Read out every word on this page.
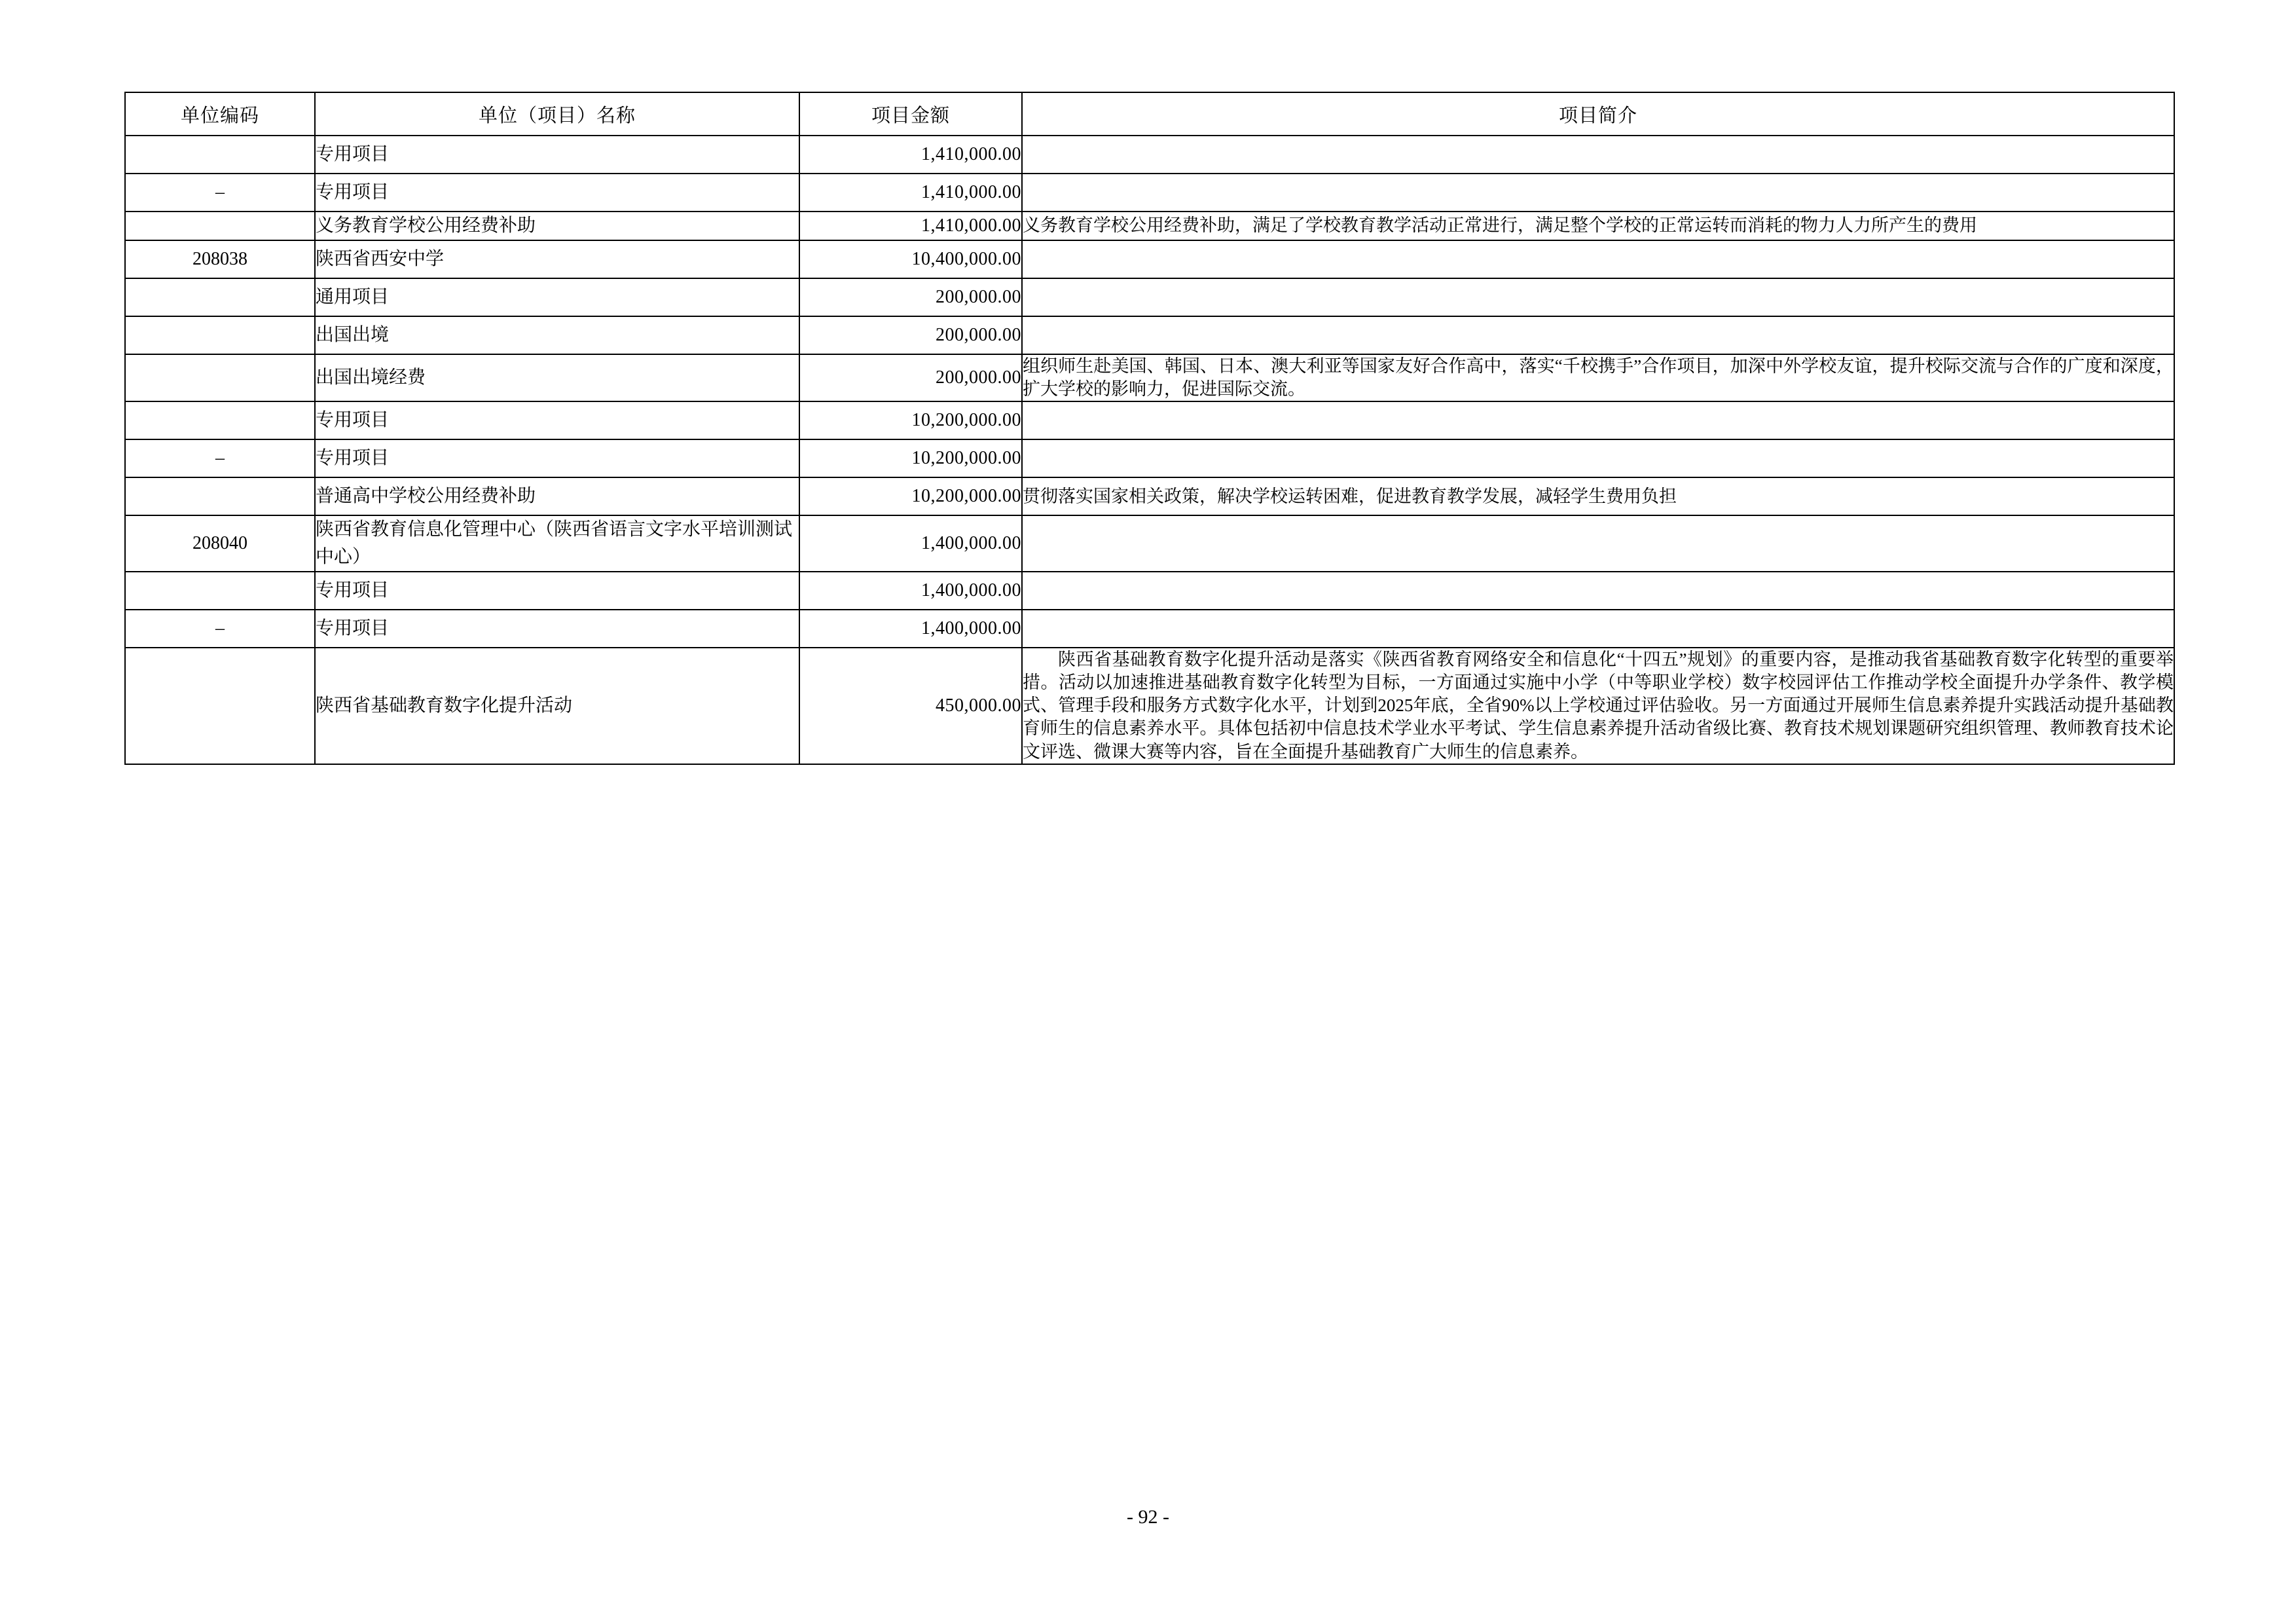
单位编码	单位（项目）名称	项目金额	项目简介
	专用项目	1,410,000.00	
–	专用项目	1,410,000.00	
	义务教育学校公用经费补助	1,410,000.00	义务教育学校公用经费补助，满足了学校教育教学活动正常进行，满足整个学校的正常运转而消耗的物力人力所产生的费用
208038	陕西省西安中学	10,400,000.00	
	通用项目	200,000.00	
	出国出境	200,000.00	
	出国出境经费	200,000.00	组织师生赴美国、韩国、日本、澳大利亚等国家友好合作高中，落实“千校携手”合作项目，加深中外学校友谊，提升校际交流与合作的广度和深度，扩大学校的影响力，促进国际交流。
	专用项目	10,200,000.00	
–	专用项目	10,200,000.00	
	普通高中学校公用经费补助	10,200,000.00	贯彻落实国家相关政策，解决学校运转困难，促进教育教学发展，减轻学生费用负担
208040	陕西省教育信息化管理中心（陕西省语言文字水平培训测试中心）	1,400,000.00	
	专用项目	1,400,000.00	
–	专用项目	1,400,000.00	
	陕西省基础教育数字化提升活动	450,000.00	陕西省基础教育数字化提升活动是落实《陕西省教育网络安全和信息化“十四五”规划》的重要内容，是推动我省基础教育数字化转型的重要举措。活动以加速推进基础教育数字化转型为目标，一方面通过实施中小学（中等职业学校）数字校园评估工作推动学校全面提升办学条件、教学模式、管理手段和服务方式数字化水平，计划到2025年底，全省90%以上学校通过评估验收。另一方面通过开展师生信息素养提升实践活动提升基础教育师生的信息素养水平。具体包括初中信息技术学业水平考试、学生信息素养提升活动省级比赛、教育技术规划课题研究组织管理、教师教育技术论文评选、微课大赛等内容，旨在全面提升基础教育广大师生的信息素养。
- 92 -
